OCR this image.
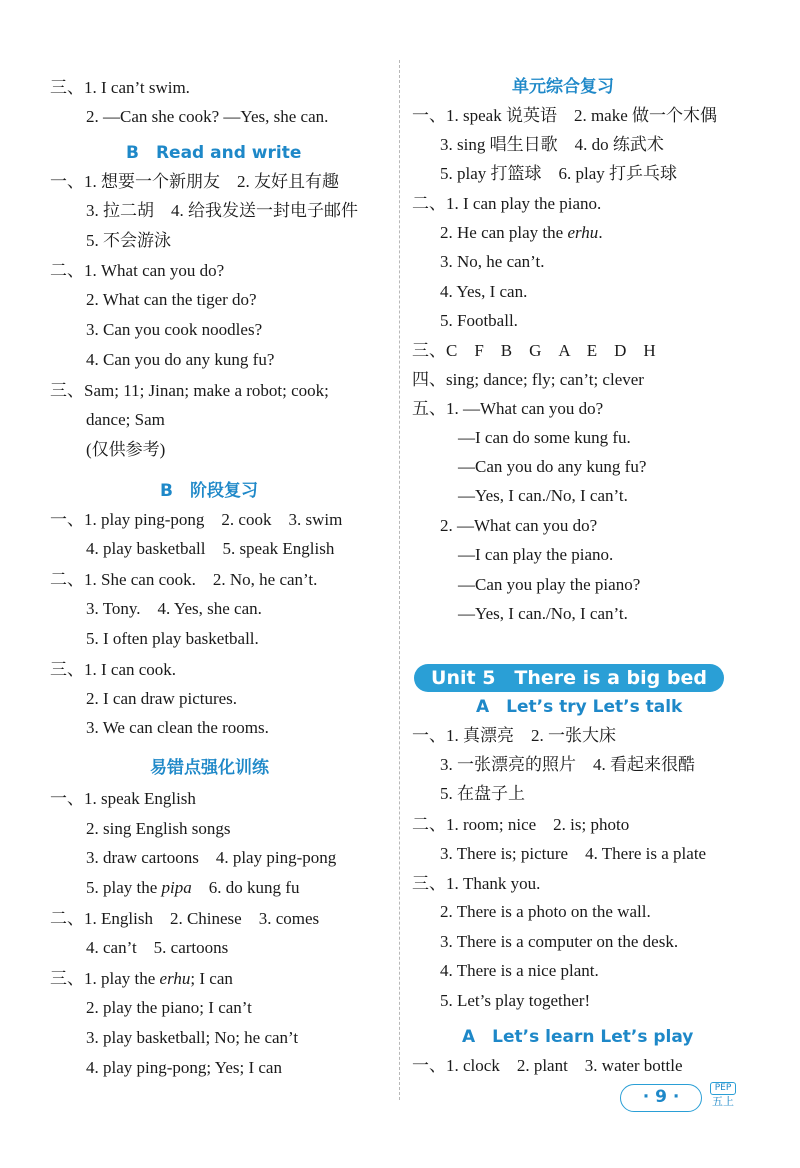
三、1. I can’t swim.
2. —Can she cook? —Yes, she can.
B　Read and write
一、1. 想要一个新朋友　2. 友好且有趣
3. 拉二胡　4. 给我发送一封电子邮件
5. 不会游泳
二、1. What can you do?
2. What can the tiger do?
3. Can you cook noodles?
4. Can you do any kung fu?
三、Sam; 11; Jinan; make a robot; cook;
dance; Sam
(仅供参考)
B　阶段复习
一、1. play ping-pong　2. cook　3. swim
4. play basketball　5. speak English
二、1. She can cook.　2. No, he can’t.
3. Tony.　4. Yes, she can.
5. I often play basketball.
三、1. I can cook.
2. I can draw pictures.
3. We can clean the rooms.
易错点强化训练
一、1. speak English
2. sing English songs
3. draw cartoons　4. play ping-pong
5. play the pipa　6. do kung fu
二、1. English　2. Chinese　3. comes
4. can’t　5. cartoons
三、1. play the erhu; I can
2. play the piano; I can’t
3. play basketball; No; he can’t
4. play ping-pong; Yes; I can
单元综合复习
一、1. speak 说英语　2. make 做一个木偶
3. sing 唱生日歌　4. do 练武术
5. play 打篮球　6. play 打乒乓球
二、1. I can play the piano.
2. He can play the erhu.
3. No, he can’t.
4. Yes, I can.
5. Football.
三、C　F　B　G　A　E　D　H
四、sing; dance; fly; can’t; clever
五、1. —What can you do?
—I can do some kung fu.
—Can you do any kung fu?
—Yes, I can./No, I can’t.
2. —What can you do?
—I can play the piano.
—Can you play the piano?
—Yes, I can./No, I can’t.
Unit 5　There is a big bed
A　Let’s try Let’s talk
一、1. 真漂亮　2. 一张大床
3. 一张漂亮的照片　4. 看起来很酷
5. 在盘子上
二、1. room; nice　2. is; photo
3. There is; picture　4. There is a plate
三、1. Thank you.
2. There is a photo on the wall.
3. There is a computer on the desk.
4. There is a nice plant.
5. Let’s play together!
A　Let’s learn Let’s play
一、1. clock　2. plant　3. water bottle
· 9 ·	PEP
五上
